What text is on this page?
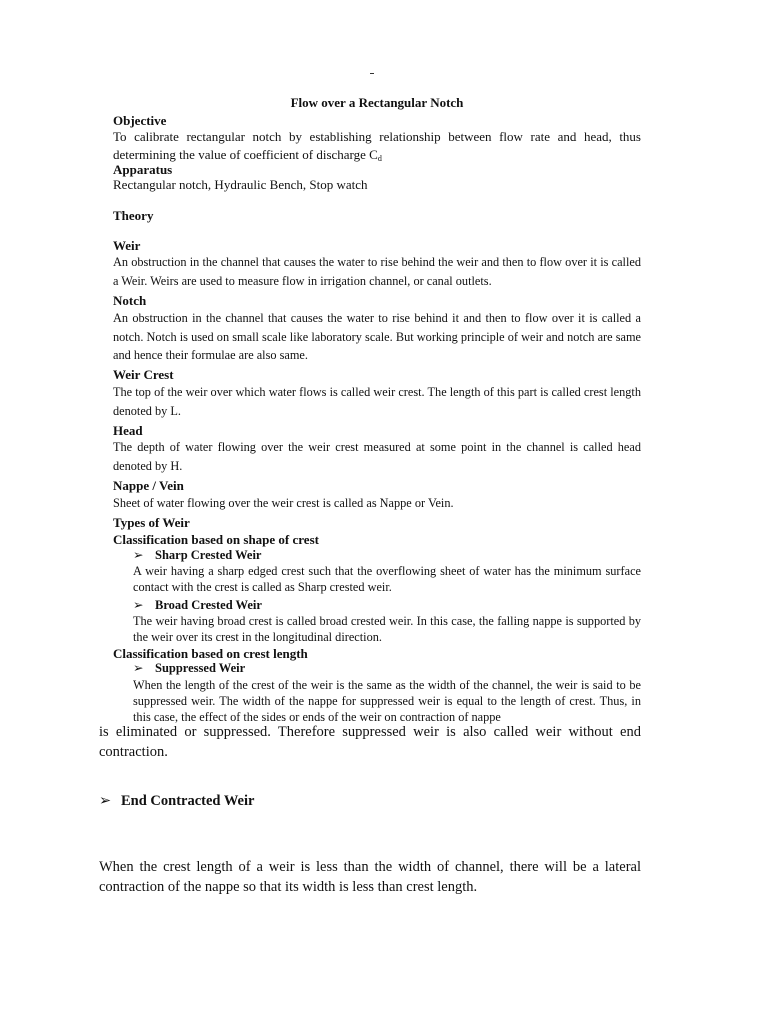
Flow over a Rectangular Notch
Objective
To calibrate rectangular notch by establishing relationship between flow rate and head, thus determining the value of coefficient of discharge $C_d$
Apparatus
Rectangular notch, Hydraulic Bench, Stop watch
Theory
Weir
An obstruction in the channel that causes the water to rise behind the weir and then to flow over it is called a Weir. Weirs are used to measure flow in irrigation channel, or canal outlets.
Notch
An obstruction in the channel that causes the water to rise behind it and then to flow over it is called a notch. Notch is used on small scale like laboratory scale. But working principle of weir and notch are same and hence their formulae are also same.
Weir Crest
The top of the weir over which water flows is called weir crest. The length of this part is called crest length denoted by L.
Head
The depth of water flowing over the weir crest measured at some point in the channel is called head denoted by H.
Nappe / Vein
Sheet of water flowing over the weir crest is called as Nappe or Vein.
Types of Weir
Classification based on shape of crest
➢ Sharp Crested Weir
A weir having a sharp edged crest such that the overflowing sheet of water has the minimum surface contact with the crest is called as Sharp crested weir.
➢ Broad Crested Weir
The weir having broad crest is called broad crested weir. In this case, the falling nappe is supported by the weir over its crest in the longitudinal direction.
Classification based on crest length
➢ Suppressed Weir
When the length of the crest of the weir is the same as the width of the channel, the weir is said to be suppressed weir. The width of the nappe for suppressed weir is equal to the length of crest. Thus, in this case, the effect of the sides or ends of the weir on contraction of nappe
is eliminated or suppressed. Therefore suppressed weir is also called weir without end contraction.
➢ End Contracted Weir
When the crest length of a weir is less than the width of channel, there will be a lateral contraction of the nappe so that its width is less than crest length.
